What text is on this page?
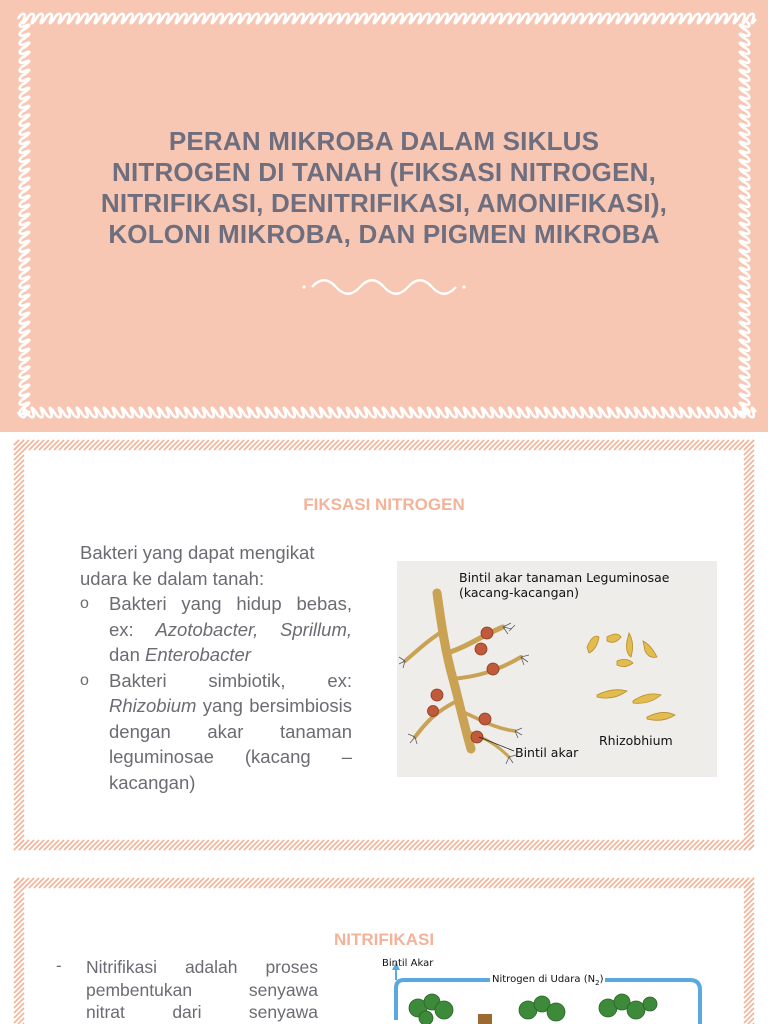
PERAN MIKROBA DALAM SIKLUS
NITROGEN DI TANAH (FIKSASI NITROGEN,
NITRIFIKASI, DENITRIFIKASI, AMONIFIKASI),
KOLONI MIKROBA, DAN PIGMEN MIKROBA
FIKSASI NITROGEN

Bakteri yang dapat mengikat udara ke dalam tanah:

o Bakteri yang hidup bebas, ex: Azotobacter, Sprillum, dan Enterobacter
o Bakteri simbiotik, ex: Rhizobium yang bersimbiosis dengan akar tanaman leguminosae (kacang – kacangan)
Bintil akar tanaman Leguminosae
(kacang-kacangan)
Bintil akar
Rhizobhium
NITRIFIKASI
- Nitrifikasi adalah proses
pembentukan	senyawa
nitrat	dari	senyawa
Bintil Akar
Nitrogen di Udara $(N_2)$
